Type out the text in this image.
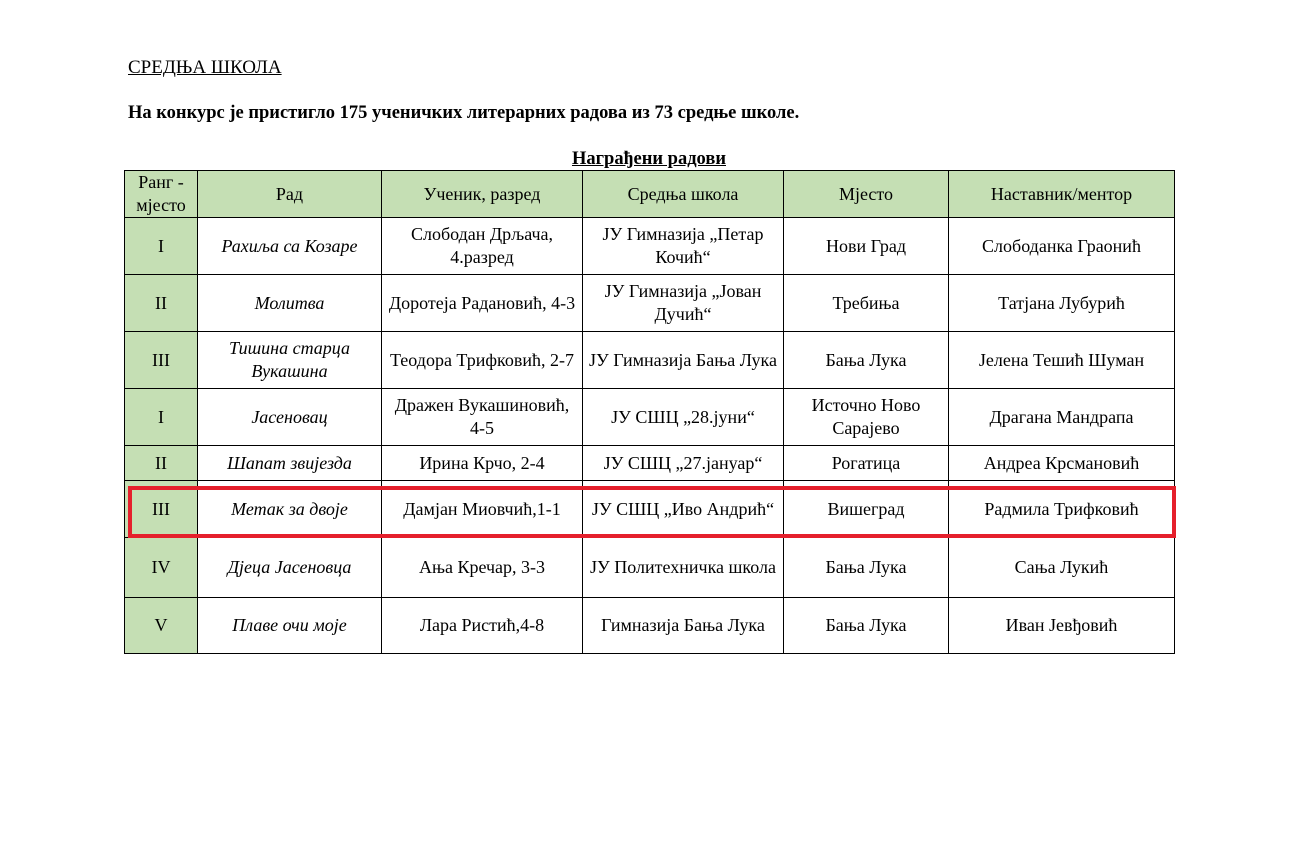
СРЕДЊА ШКОЛА

На конкурс је пристигло 175 ученичких литерарних радова из 73 средње школе.

Награђени радови

Ранг - мјесто	Рад	Ученик, разред	Средња школа	Мјесто	Наставник/ментор
I	Рахиља са Козаре	Слободан Дрљача, 4.разред	ЈУ Гимназија „Петар Кочић“	Нови Град	Слободанка Граонић
II	Молитва	Доротеја Радановић, 4-3	ЈУ Гимназија „Јован Дучић“	Требиња	Татјана Лубурић
III	Тишина старца Вукашина	Теодора Трифковић, 2-7	ЈУ Гимназија Бања Лука	Бања Лука	Јелена Тешић Шуман
I	Јасеновац	Дражен Вукашиновић, 4-5	ЈУ СШЦ „28.јуни“	Источно Ново Сарајево	Драгана Мандрапа
II	Шапат звијезда	Ирина Крчо, 2-4	ЈУ СШЦ „27.јануар“	Рогатица	Андреа Крсмановић
III	Метак за двоје	Дамјан Миовчић,1-1	ЈУ СШЦ „Иво Андрић“	Вишеград	Радмила Трифковић
IV	Дјеца Јасеновца	Ања Кречар, 3-3	ЈУ Политехничка школа	Бања Лука	Сања Лукић
V	Плаве очи моје	Лара Ристић,4-8	Гимназија Бања Лука	Бања Лука	Иван Јевђовић
